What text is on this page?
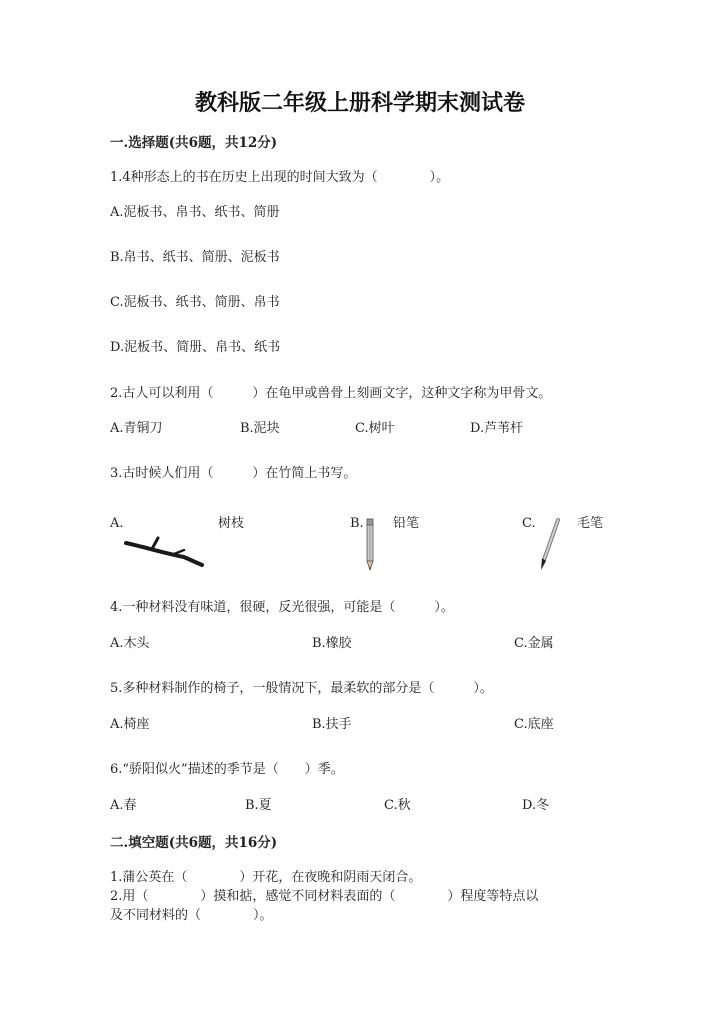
教科版二年级上册科学期末测试卷
一.选择题(共6题，共12分)
1.4种形态上的书在历史上出现的时间大致为（　　　　）。
A.泥板书、帛书、纸书、简册
B.帛书、纸书、简册、泥板书
C.泥板书、纸书、简册、帛书
D.泥板书、简册、帛书、纸书
2.古人可以利用（　　　）在龟甲或兽骨上刻画文字，这种文字称为甲骨文。
A.青铜刀	B.泥块	C.树叶	D.芦苇杆
3.古时候人们用（　　　）在竹简上书写。
A.	树枝	B. 铅笔	C.	毛笔
4.一种材料没有味道，很硬，反光很强，可能是（　　　）。
A.木头	B.橡胶	C.金属
5.多种材料制作的椅子，一般情况下，最柔软的部分是（　　　）。
A.椅座	B.扶手	C.底座
6.“骄阳似火”描述的季节是（　　）季。
A.春	B.夏	C.秋	D.冬
二.填空题(共6题，共16分)
1.蒲公英在（　　　　）开花，在夜晚和阴雨天闭合。
2.用（　　　　）摸和掂，感觉不同材料表面的（　　　　）程度等特点以
及不同材料的（　　　　）。
